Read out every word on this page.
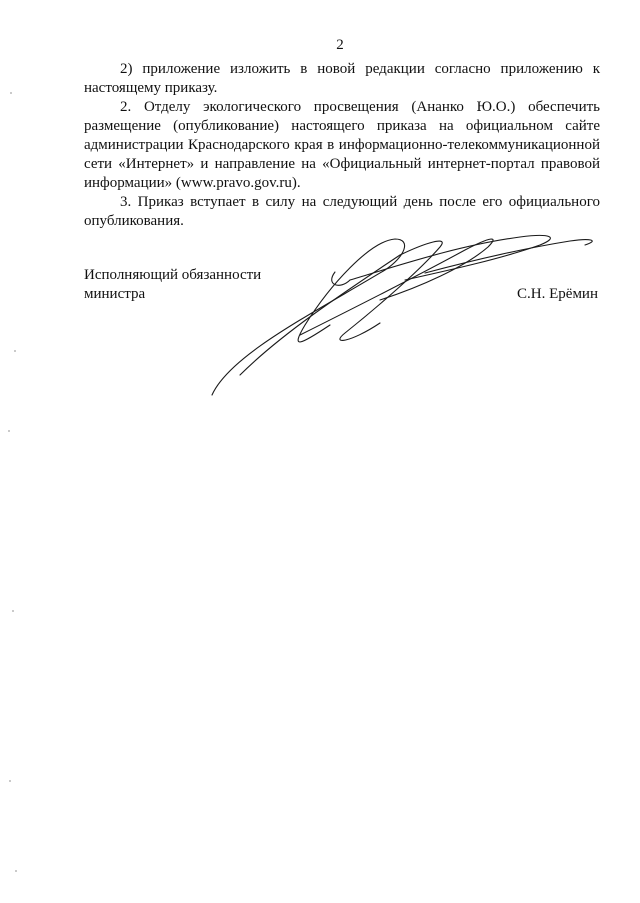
2

2) приложение изложить в новой редакции согласно приложению к настоящему приказу.

2. Отделу экологического просвещения (Ананко Ю.О.) обеспечить размещение (опубликование) настоящего приказа на официальном сайте администрации Краснодарского края в информационно-телекоммуникационной сети «Интернет» и направление на «Официальный интернет-портал правовой информации» (www.pravo.gov.ru).

3. Приказ вступает в силу на следующий день после его официального опубликования.

Исполняющий обязанности министра	С.Н. Ерёмин
